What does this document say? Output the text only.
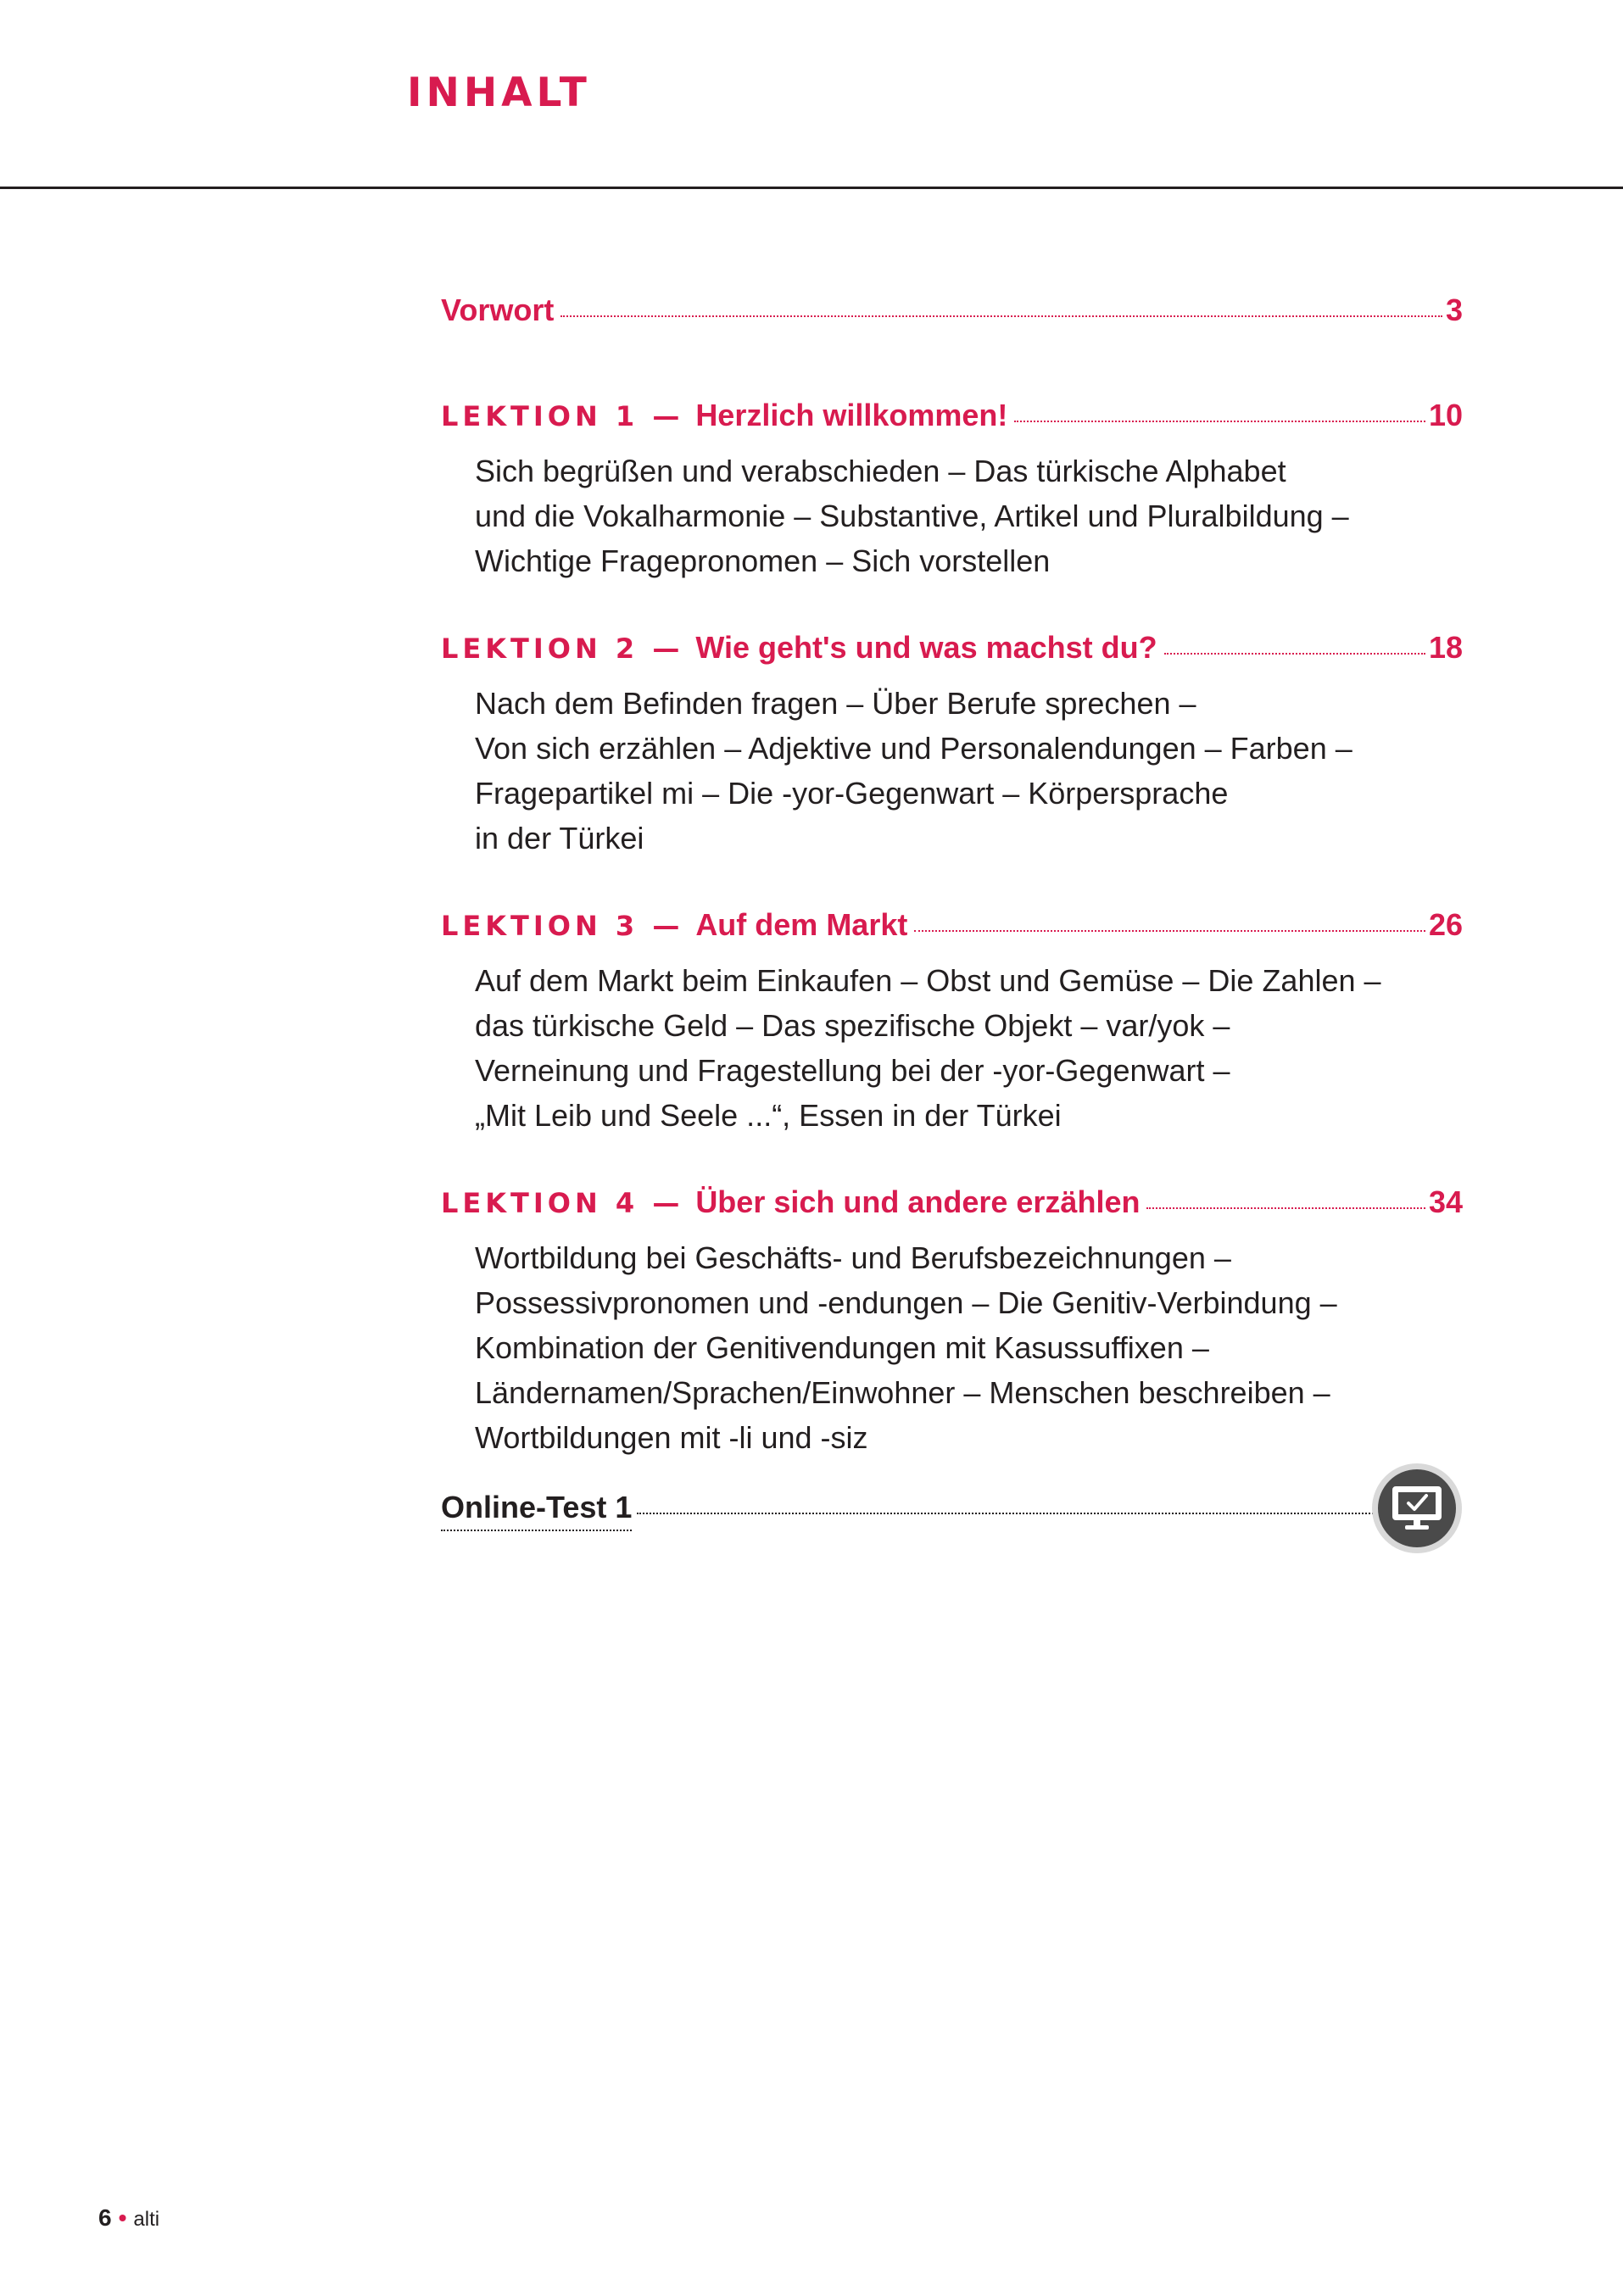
INHALT
Vorwort	3
LEKTION 1 — Herzlich willkommen!	10
Sich begrüßen und verabschieden – Das türkische Alphabet
und die Vokalharmonie – Substantive, Artikel und Pluralbildung –
Wichtige Fragepronomen – Sich vorstellen
LEKTION 2 — Wie geht's und was machst du?	18
Nach dem Befinden fragen – Über Berufe sprechen –
Von sich erzählen – Adjektive und Personalendungen – Farben –
Fragepartikel mi – Die -yor-Gegenwart – Körpersprache
in der Türkei
LEKTION 3 — Auf dem Markt	26
Auf dem Markt beim Einkaufen – Obst und Gemüse – Die Zahlen –
das türkische Geld – Das spezifische Objekt – var/yok –
Verneinung und Fragestellung bei der -yor-Gegenwart –
„Mit Leib und Seele ...“, Essen in der Türkei
LEKTION 4 — Über sich und andere erzählen	34
Wortbildung bei Geschäfts- und Berufsbezeichnungen –
Possessivpronomen und -endungen – Die Genitiv-Verbindung –
Kombination der Genitivendungen mit Kasussuffixen –
Ländernamen/Sprachen/Einwohner – Menschen beschreiben –
Wortbildungen mit -li und -siz
Online-Test 1
6 • alti
